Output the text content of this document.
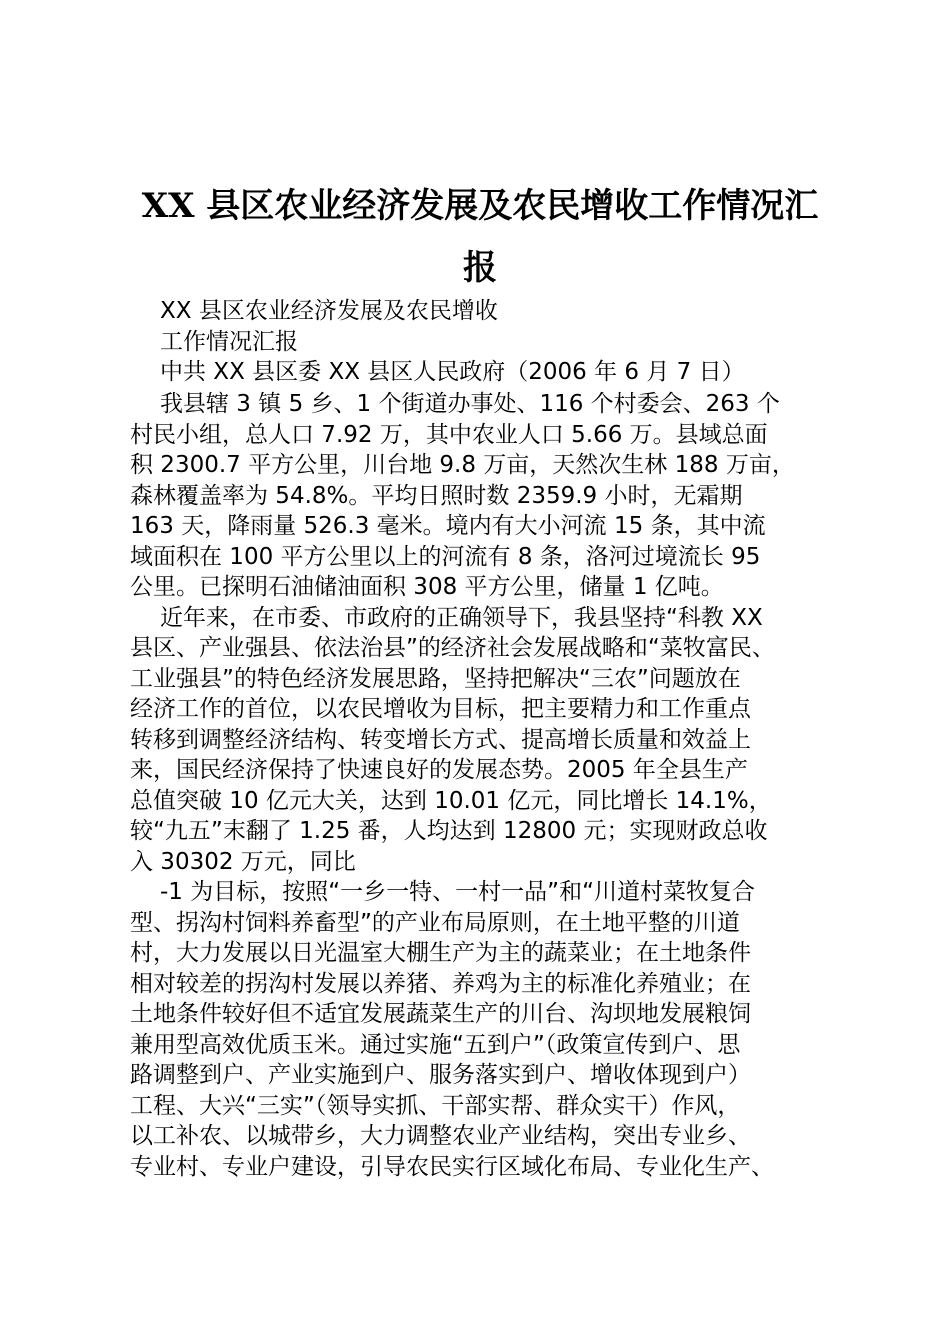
XX 县区农业经济发展及农民增收工作情况汇
报
XX 县区农业经济发展及农民增收
工作情况汇报
中共 XX 县区委 XX 县区人民政府（2006 年 6 月 7 日）
我县辖 3 镇 5 乡、1 个街道办事处、116 个村委会、263 个
村民小组，总人口 7.92 万，其中农业人口 5.66 万。县域总面
积 2300.7 平方公里，川台地 9.8 万亩，天然次生林 188 万亩，
森林覆盖率为 54.8%。平均日照时数 2359.9 小时，无霜期
163 天，降雨量 526.3 毫米。境内有大小河流 15 条，其中流
域面积在 100 平方公里以上的河流有 8 条，洛河过境流长 95
公里。已探明石油储油面积 308 平方公里，储量 1 亿吨。
近年来，在市委、市政府的正确领导下，我县坚持“科教 XX
县区、产业强县、依法治县”的经济社会发展战略和“菜牧富民、
工业强县”的特色经济发展思路，坚持把解决“三农”问题放在
经济工作的首位，以农民增收为目标，把主要精力和工作重点
转移到调整经济结构、转变增长方式、提高增长质量和效益上
来，国民经济保持了快速良好的发展态势。2005 年全县生产
总值突破 10 亿元大关，达到 10.01 亿元，同比增长 14.1%，
较“九五”末翻了 1.25 番，人均达到 12800 元；实现财政总收
入 30302 万元，同比
-1 为目标，按照“一乡一特、一村一品”和“川道村菜牧复合
型、拐沟村饲料养畜型”的产业布局原则，在土地平整的川道
村，大力发展以日光温室大棚生产为主的蔬菜业；在土地条件
相对较差的拐沟村发展以养猪、养鸡为主的标准化养殖业；在
土地条件较好但不适宜发展蔬菜生产的川台、沟坝地发展粮饲
兼用型高效优质玉米。通过实施“五到户”（政策宣传到户、思
路调整到户、产业实施到户、服务落实到户、增收体现到户）
工程、大兴“三实”（领导实抓、干部实帮、群众实干）作风，
以工补农、以城带乡，大力调整农业产业结构，突出专业乡、
专业村、专业户建设，引导农民实行区域化布局、专业化生产、
